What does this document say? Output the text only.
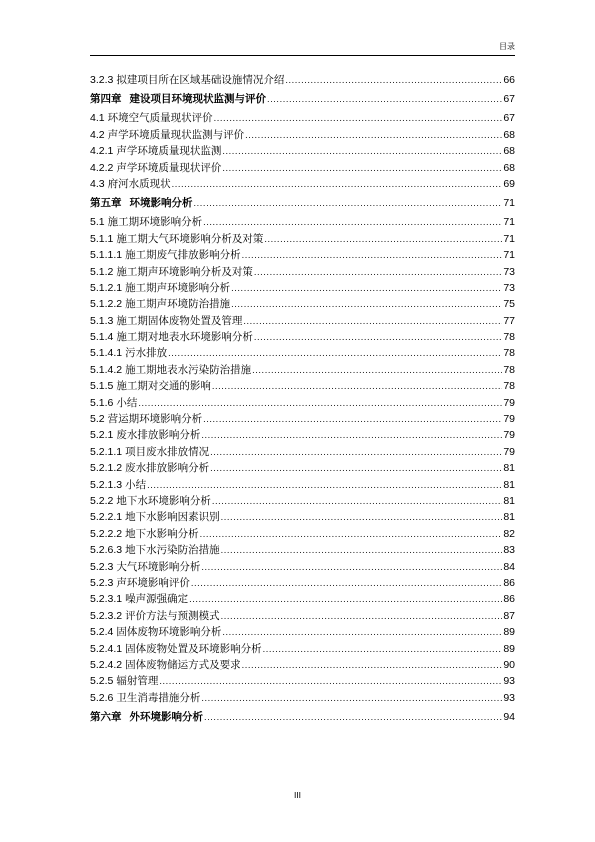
目录
3.2.3 拟建项目所在区域基础设施情况介绍 .....	66
第四章 建设项目环境现状监测与评价 .....	67
4.1 环境空气质量现状评价 .....	67
4.2 声学环境质量现状监测与评价 .....	68
4.2.1 声学环境质量现状监测 .....	68
4.2.2 声学环境质量现状评价 .....	68
4.3 府河水质现状 .....	69
第五章 环境影响分析 .....	71
5.1 施工期环境影响分析 .....	71
5.1.1 施工期大气环境影响分析及对策 .....	71
5.1.1.1 施工期废气排放影响分析 .....	71
5.1.2 施工期声环境影响分析及对策 .....	73
5.1.2.1 施工期声环境影响分析 .....	73
5.1.2.2 施工期声环境防治措施 .....	75
5.1.3 施工期固体废物处置及管理 .....	77
5.1.4 施工期对地表水环境影响分析 .....	78
5.1.4.1 污水排放 .....	78
5.1.4.2 施工期地表水污染防治措施 .....	78
5.1.5 施工期对交通的影响 .....	78
5.1.6 小结 .....	79
5.2 营运期环境影响分析 .....	79
5.2.1 废水排放影响分析 .....	79
5.2.1.1 项目废水排放情况 .....	79
5.2.1.2 废水排放影响分析 .....	81
5.2.1.3 小结 .....	81
5.2.2 地下水环境影响分析 .....	81
5.2.2.1 地下水影响因素识别 .....	81
5.2.2.2 地下水影响分析 .....	82
5.2.6.3 地下水污染防治措施 .....	83
5.2.3 大气环境影响分析 .....	84
5.2.3 声环境影响评价 .....	86
5.2.3.1 噪声源强确定 .....	86
5.2.3.2 评价方法与预测模式 .....	87
5.2.4 固体废物环境影响分析 .....	89
5.2.4.1 固体废物处置及环境影响分析 .....	89
5.2.4.2 固体废物储运方式及要求 .....	90
5.2.5 辐射管理 .....	93
5.2.6 卫生消毒措施分析 .....	93
第六章 外环境影响分析 .....	94
III
